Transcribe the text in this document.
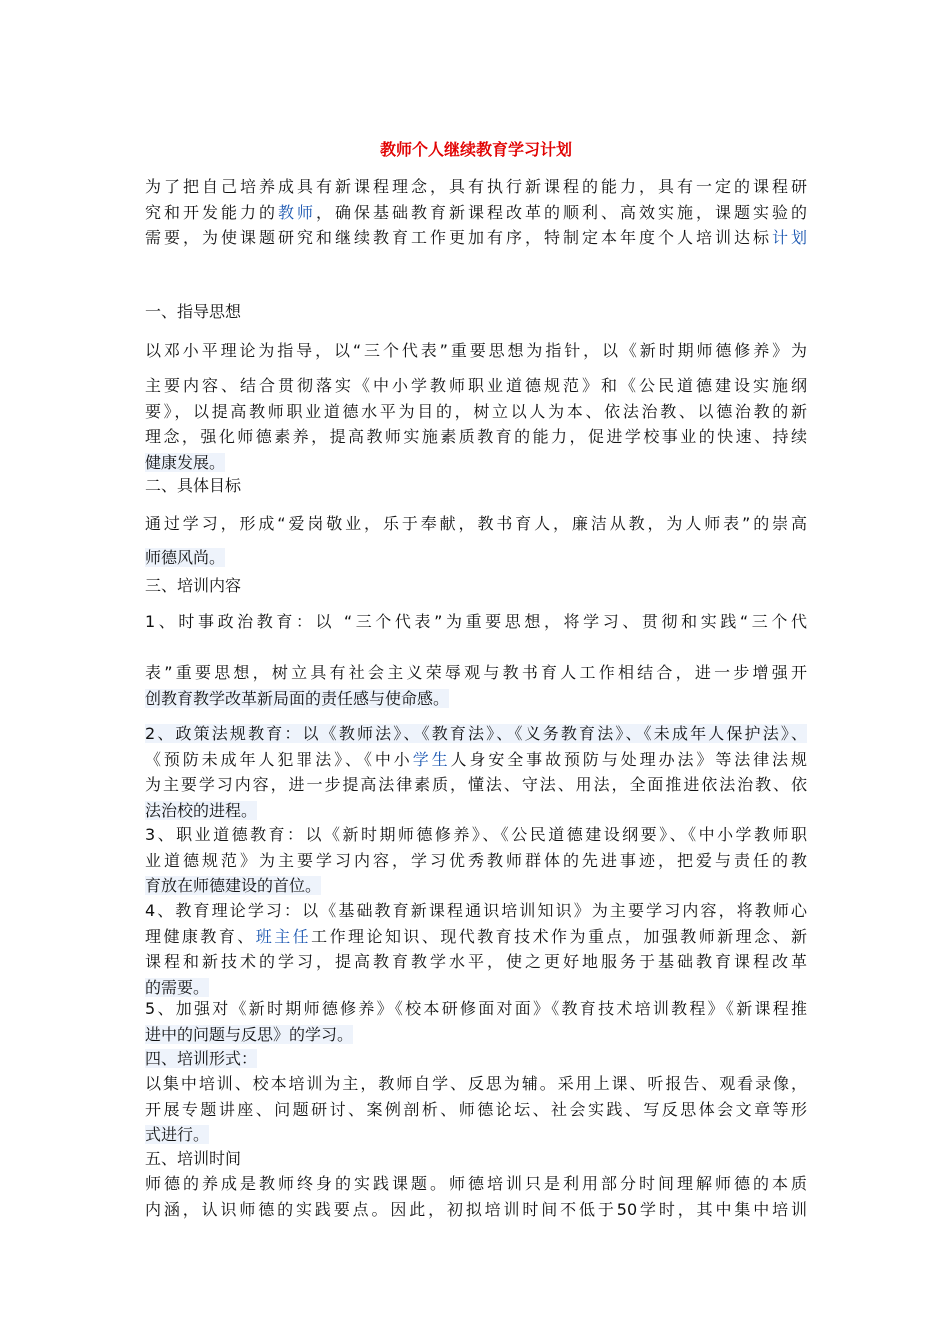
教师个人继续教育学习计划
为了把自己培养成具有新课程理念，具有执行新课程的能力，具有一定的课程研
究和开发能力的教师，确保基础教育新课程改革的顺利、高效实施，课题实验的
需要，为使课题研究和继续教育工作更加有序，特制定本年度个人培训达标计划
一、指导思想
以邓小平理论为指导，以“三个代表”重要思想为指针，以《新时期师德修养》为
主要内容、结合贯彻落实《中小学教师职业道德规范》和《公民道德建设实施纲
要》，以提高教师职业道德水平为目的，树立以人为本、依法治教、以德治教的新
理念，强化师德素养，提高教师实施素质教育的能力，促进学校事业的快速、持续
健康发展。
二、具体目标
通过学习，形成“爱岗敬业，乐于奉献，教书育人，廉洁从教，为人师表”的崇高
师德风尚。
三、培训内容
1、时事政治教育：以 “三个代表”为重要思想，将学习、贯彻和实践“三个代
表”重要思想，树立具有社会主义荣辱观与教书育人工作相结合，进一步增强开
创教育教学改革新局面的责任感与使命感。
2、政策法规教育：以《教师法》、《教育法》、《义务教育法》、《未成年人保护法》、
《预防未成年人犯罪法》、《中小学生人身安全事故预防与处理办法》等法律法规
为主要学习内容，进一步提高法律素质，懂法、守法、用法，全面推进依法治教、依
法治校的进程。
3、职业道德教育：以《新时期师德修养》、《公民道德建设纲要》、《中小学教师职
业道德规范》为主要学习内容，学习优秀教师群体的先进事迹，把爱与责任的教
育放在师德建设的首位。
4、教育理论学习：以《基础教育新课程通识培训知识》为主要学习内容，将教师心
理健康教育、班主任工作理论知识、现代教育技术作为重点，加强教师新理念、新
课程和新技术的学习，提高教育教学水平，使之更好地服务于基础教育课程改革
的需要。
5、加强对《新时期师德修养》《校本研修面对面》《教育技术培训教程》《新课程推
进中的问题与反思》的学习。
四、培训形式：
以集中培训、校本培训为主，教师自学、反思为辅。采用上课、听报告、观看录像，
开展专题讲座、问题研讨、案例剖析、师德论坛、社会实践、写反思体会文章等形
式进行。
五、培训时间
师德的养成是教师终身的实践课题。师德培训只是利用部分时间理解师德的本质
内涵，认识师德的实践要点。因此，初拟培训时间不低于50学时，其中集中培训
